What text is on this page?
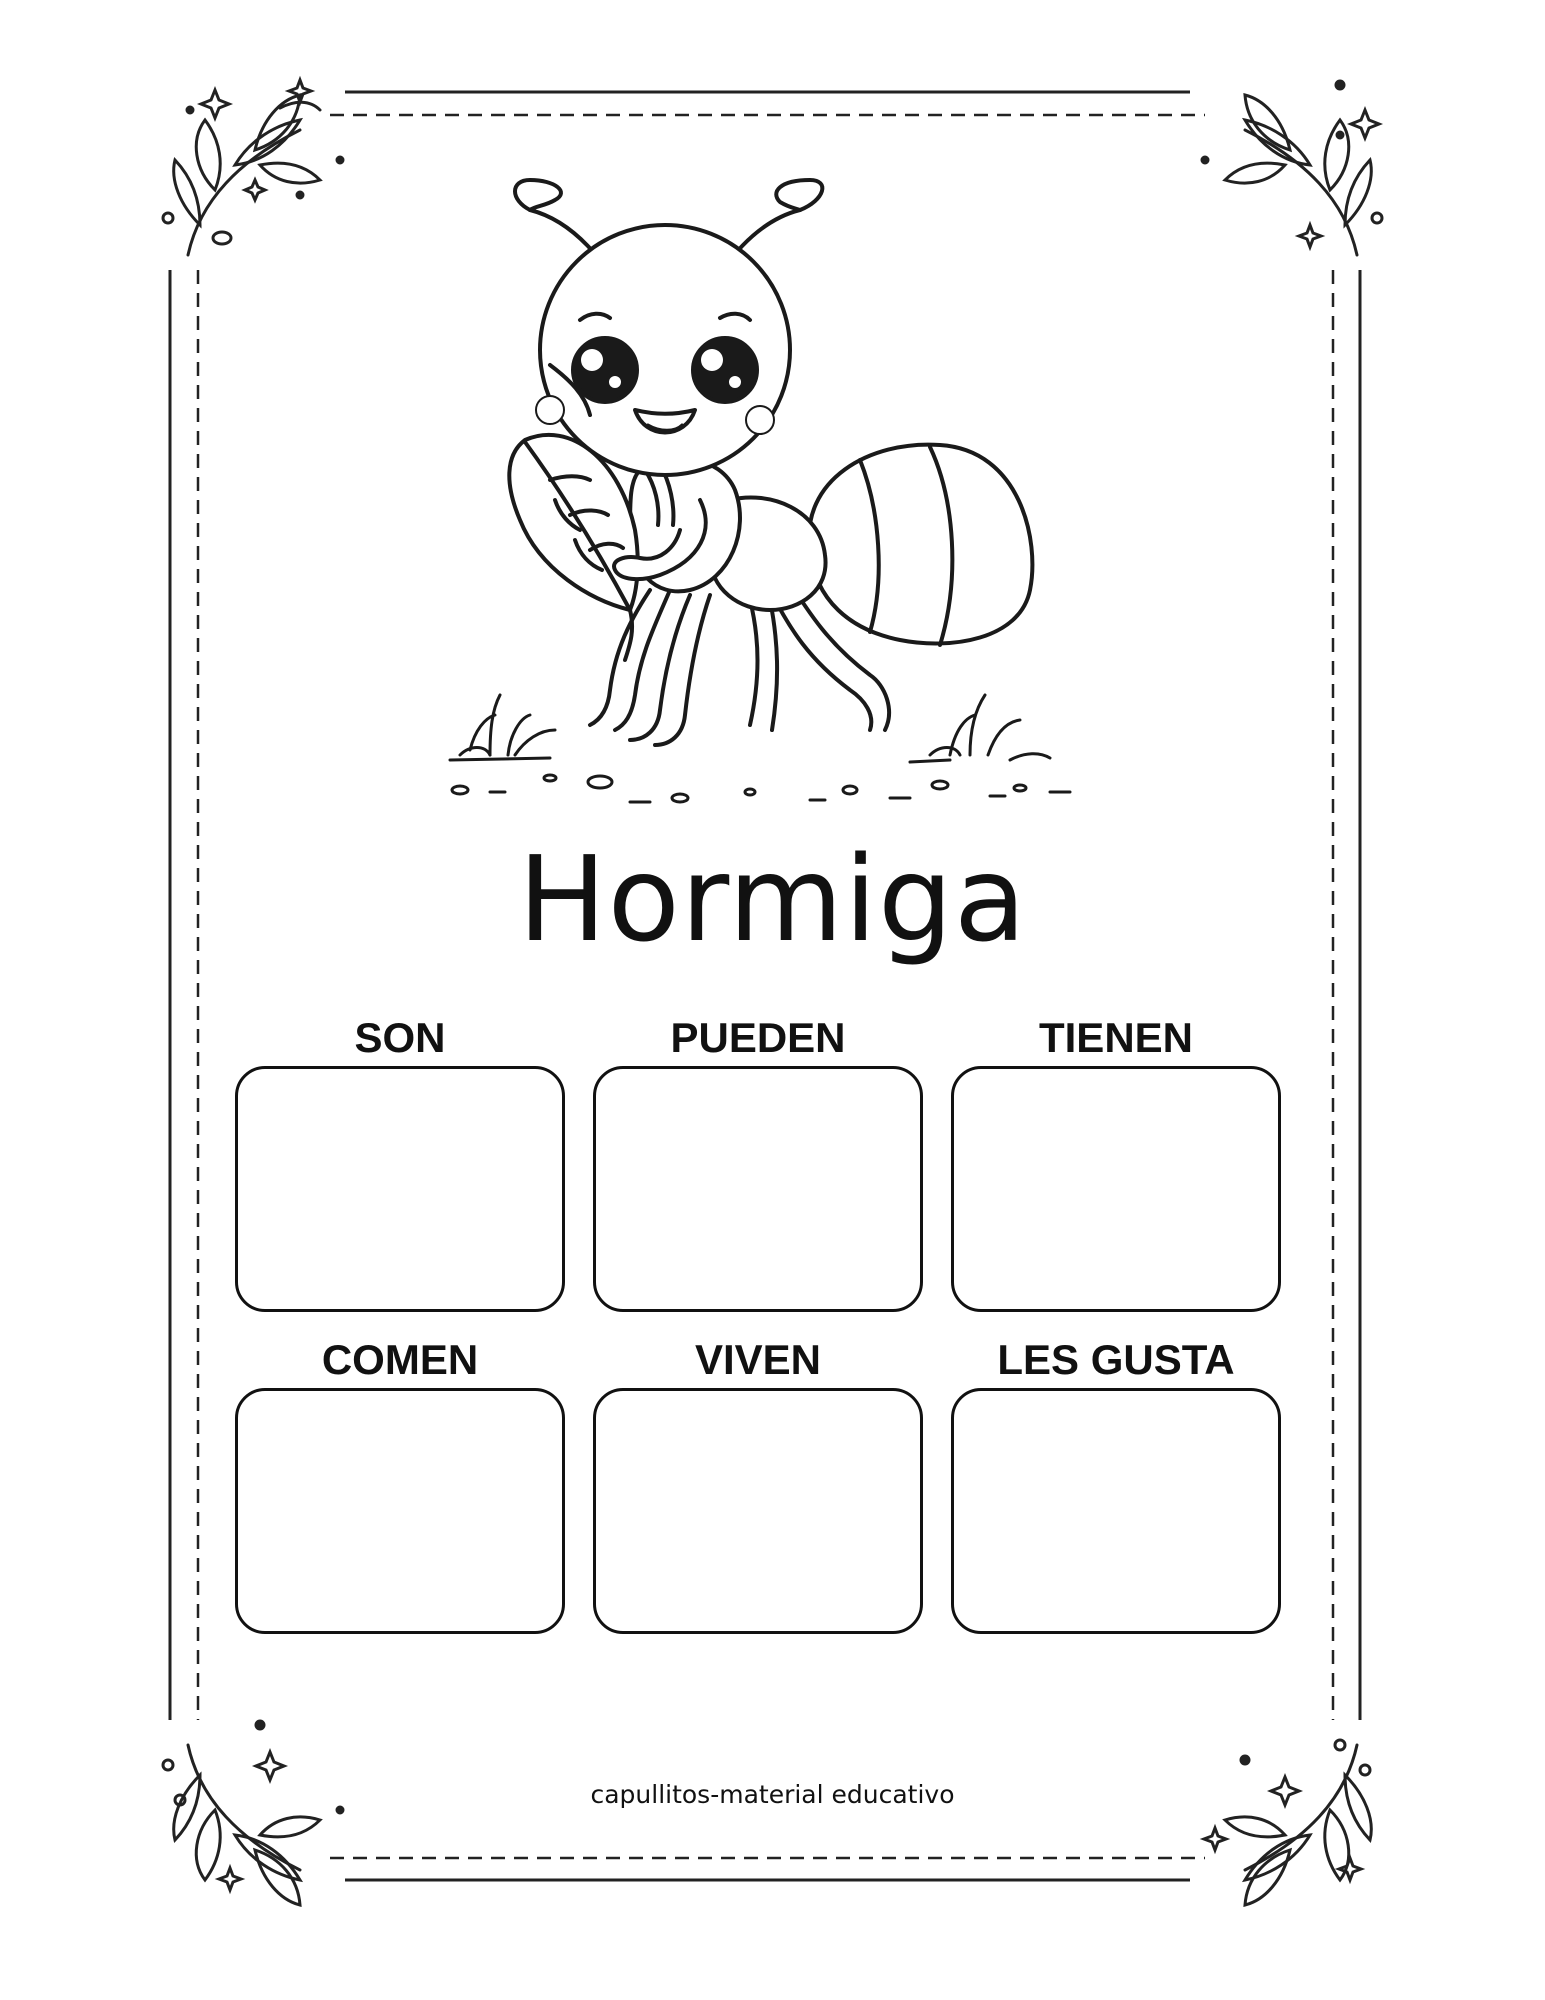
Hormiga
SON	PUEDEN	TIENEN
COMEN	VIVEN	LES GUSTA
capullitos-material educativo
